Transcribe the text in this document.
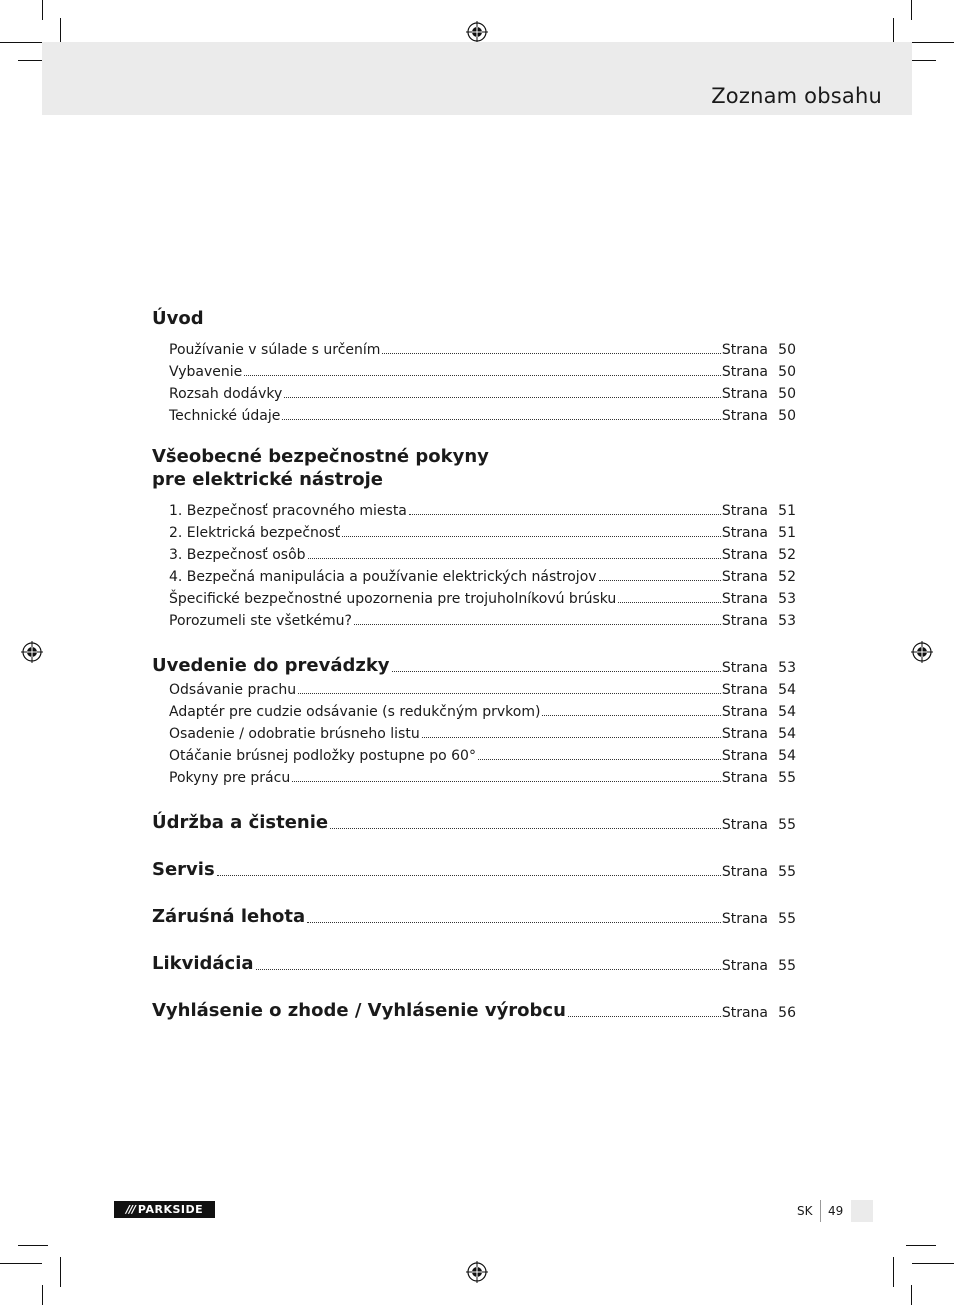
Zoznam obsahu
Úvod
Používanie v súlade s určením	Strana 50
Vybavenie	Strana 50
Rozsah dodávky	Strana 50
Technické údaje	Strana 50
Všeobecné bezpečnostné pokyny
pre elektrické nástroje
1. Bezpečnosť pracovného miesta	Strana 51
2. Elektrická bezpečnosť	Strana 51
3. Bezpečnosť osôb	Strana 52
4. Bezpečná manipulácia a používanie elektrických nástrojov	Strana 52
Špecifické bezpečnostné upozornenia pre trojuholníkovú brúsku	Strana 53
Porozumeli ste všetkému?	Strana 53
Uvedenie do prevádzky	Strana 53
Odsávanie prachu	Strana 54
Adaptér pre cudzie odsávanie (s redukčným prvkom)	Strana 54
Osadenie / odobratie brúsneho listu	Strana 54
Otáčanie brúsnej podložky postupne po 60°	Strana 54
Pokyny pre prácu	Strana 55
Údržba a čistenie	Strana 55
Servis	Strana 55
Záruśná lehota	Strana 55
Likvidácia	Strana 55
Vyhlásenie o zhode / Vyhlásenie výrobcu	Strana 56
/// PARKSIDE	SK 49
